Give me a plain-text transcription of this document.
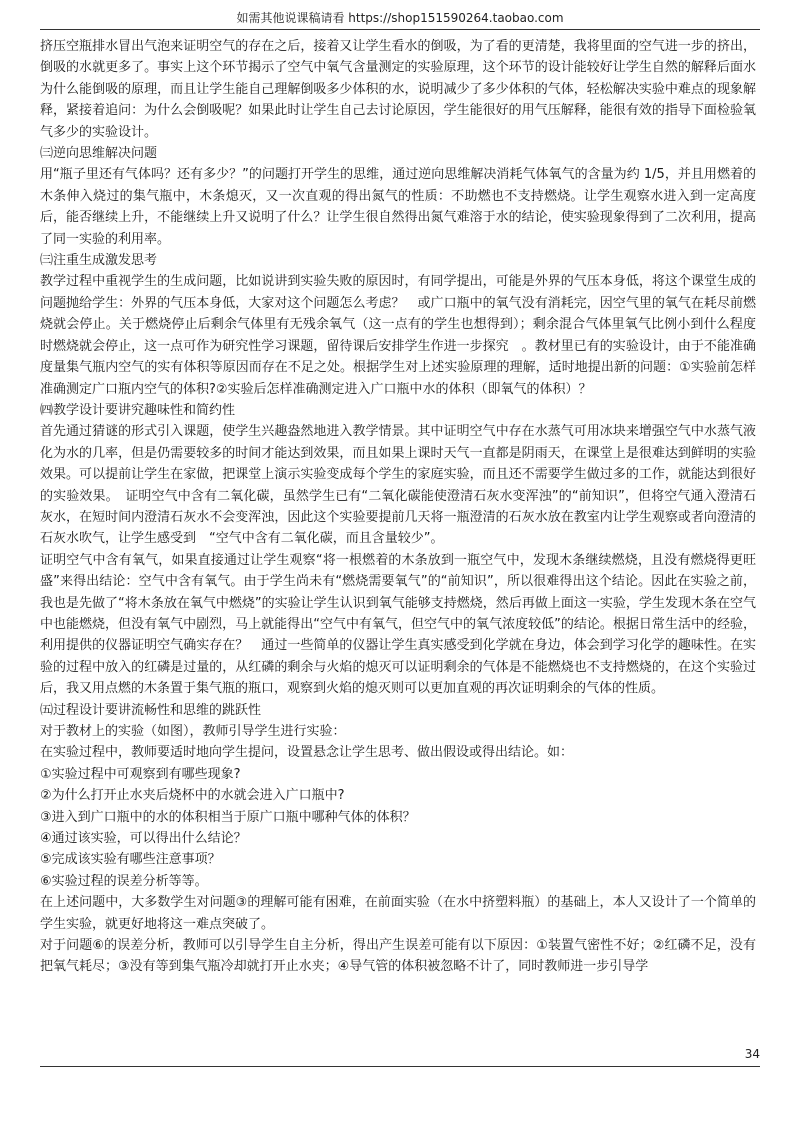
如需其他说课稿请看 https://shop151590264.taobao.com

挤压空瓶排水冒出气泡来证明空气的存在之后，接着又让学生看水的倒吸，为了看的更清楚，我将里面的空气进一步的挤出，倒吸的水就更多了。事实上这个环节揭示了空气中氧气含量测定的实验原理，这个环节的设计能较好让学生自然的解释后面水为什么能倒吸的原理，而且让学生能自己理解倒吸多少体积的水，说明减少了多少体积的气体，轻松解决实验中难点的现象解释，紧接着追问：为什么会倒吸呢？如果此时让学生自己去讨论原因，学生能很好的用气压解释，能很有效的指导下面检验氧气多少的实验设计。

㈢逆向思维解决问题

用“瓶子里还有气体吗？还有多少？”的问题打开学生的思维，通过逆向思维解决消耗气体氧气的含量为约 1/5，并且用燃着的木条伸入烧过的集气瓶中，木条熄灭，又一次直观的得出氮气的性质：不助燃也不支持燃烧。让学生观察水进入到一定高度后，能否继续上升，不能继续上升又说明了什么？让学生很自然得出氮气难溶于水的结论，使实验现象得到了二次利用，提高了同一实验的利用率。

㈢注重生成激发思考

教学过程中重视学生的生成问题，比如说讲到实验失败的原因时，有同学提出，可能是外界的气压本身低，将这个课堂生成的问题抛给学生：外界的气压本身低，大家对这个问题怎么考虑？　或广口瓶中的氧气没有消耗完，因空气里的氧气在耗尽前燃烧就会停止。关于燃烧停止后剩余气体里有无残余氧气（这一点有的学生也想得到）；剩余混合气体里氧气比例小到什么程度时燃烧就会停止，这一点可作为研究性学习课题，留待课后安排学生作进一步探究　。教材里已有的实验设计，由于不能准确度量集气瓶内空气的实有体积等原因而存在不足之处。根据学生对上述实验原理的理解，适时地提出新的问题：①实验前怎样准确测定广口瓶内空气的体积?②实验后怎样准确测定进入广口瓶中水的体积（即氧气的体积）？

㈣教学设计要讲究趣味性和简约性

首先通过猜谜的形式引入课题，使学生兴趣盎然地进入教学情景。其中证明空气中存在水蒸气可用冰块来增强空气中水蒸气液化为水的几率，但是仍需要较多的时间才能达到效果，而且如果上课时天气一直都是阴雨天，在课堂上是很难达到鲜明的实验效果。可以提前让学生在家做，把课堂上演示实验变成每个学生的家庭实验，而且还不需要学生做过多的工作，就能达到很好的实验效果。　证明空气中含有二氧化碳，虽然学生已有“二氧化碳能使澄清石灰水变浑浊”的“前知识”，但将空气通入澄清石灰水，在短时间内澄清石灰水不会变浑浊，因此这个实验要提前几天将一瓶澄清的石灰水放在教室内让学生观察或者向澄清的石灰水吹气，让学生感受到　“空气中含有二氧化碳，而且含量较少”。

证明空气中含有氧气，如果直接通过让学生观察“将一根燃着的木条放到一瓶空气中，发现木条继续燃烧，且没有燃烧得更旺盛”来得出结论：空气中含有氧气。由于学生尚未有“燃烧需要氧气”的“前知识”，所以很难得出这个结论。因此在实验之前，我也是先做了“将木条放在氧气中燃烧”的实验让学生认识到氧气能够支持燃烧，然后再做上面这一实验，学生发现木条在空气中也能燃烧，但没有氧气中剧烈，马上就能得出“空气中有氧气，但空气中的氧气浓度较低”的结论。根据日常生活中的经验，利用提供的仪器证明空气确实存在？　通过一些简单的仪器让学生真实感受到化学就在身边，体会到学习化学的趣味性。在实验的过程中放入的红磷是过量的，从红磷的剩余与火焰的熄灭可以证明剩余的气体是不能燃烧也不支持燃烧的，在这个实验过后，我又用点燃的木条置于集气瓶的瓶口，观察到火焰的熄灭则可以更加直观的再次证明剩余的气体的性质。

㈤过程设计要讲流畅性和思维的跳跃性

对于教材上的实验（如图），教师引导学生进行实验：

在实验过程中，教师要适时地向学生提问，设置悬念让学生思考、做出假设或得出结论。如：

①实验过程中可观察到有哪些现象?

②为什么打开止水夹后烧杯中的水就会进入广口瓶中?

③进入到广口瓶中的水的体积相当于原广口瓶中哪种气体的体积？

④通过该实验，可以得出什么结论？

⑤完成该实验有哪些注意事项？

⑥实验过程的误差分析等等。

在上述问题中，大多数学生对问题③的理解可能有困难，在前面实验（在水中挤塑料瓶）的基础上，本人又设计了一个简单的学生实验，就更好地将这一难点突破了。

对于问题⑥的误差分析，教师可以引导学生自主分析，得出产生误差可能有以下原因：①装置气密性不好；②红磷不足，没有把氧气耗尽；③没有等到集气瓶冷却就打开止水夹；④导气管的体积被忽略不计了，同时教师进一步引导学

34
